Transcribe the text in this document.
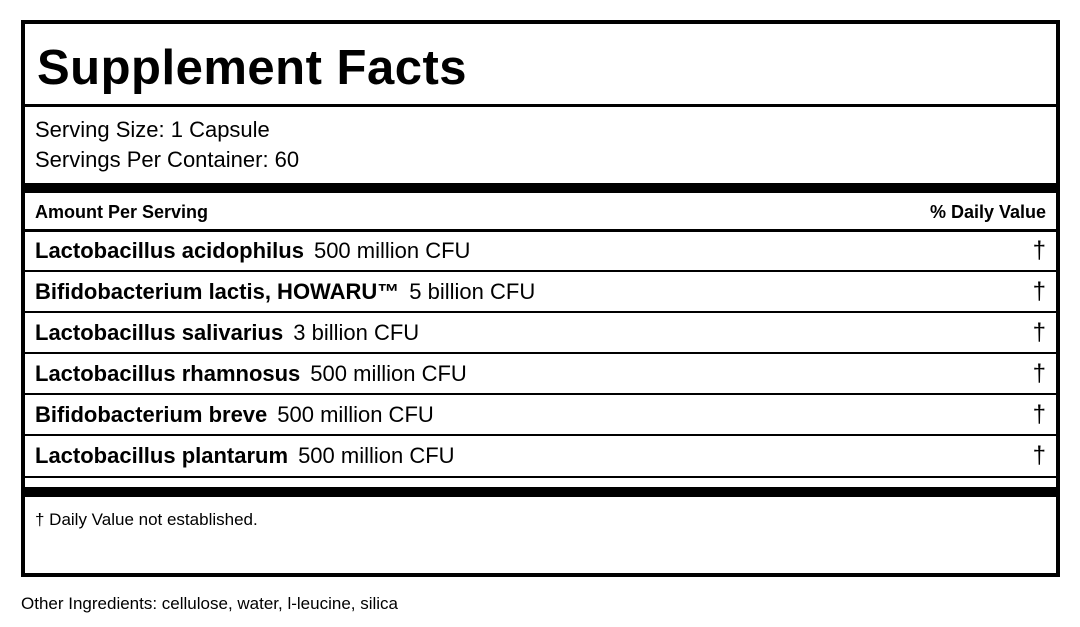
Supplement Facts
Serving Size: 1 Capsule
Servings Per Container: 60
Amount Per Serving	% Daily Value
Lactobacillus acidophilus 500 million CFU	†
Bifidobacterium lactis, HOWARU™ 5 billion CFU	†
Lactobacillus salivarius 3 billion CFU	†
Lactobacillus rhamnosus 500 million CFU	†
Bifidobacterium breve 500 million CFU	†
Lactobacillus plantarum 500 million CFU	†
† Daily Value not established.
Other Ingredients: cellulose, water, l-leucine, silica
